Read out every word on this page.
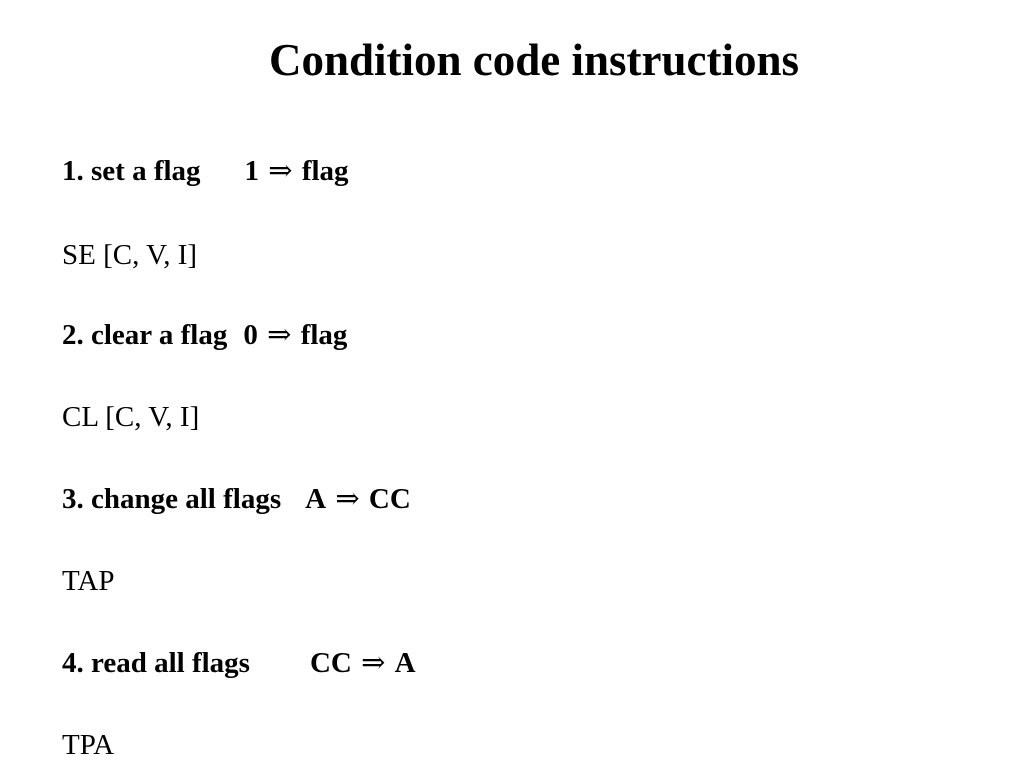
Condition code instructions
1. set a flag 1 ⇒ flag
SE [C, V, I]
2. clear a flag 0 ⇒ flag
CL [C, V, I]
3. change all flags A ⇒ CC
TAP
4. read all flags CC ⇒ A
TPA
